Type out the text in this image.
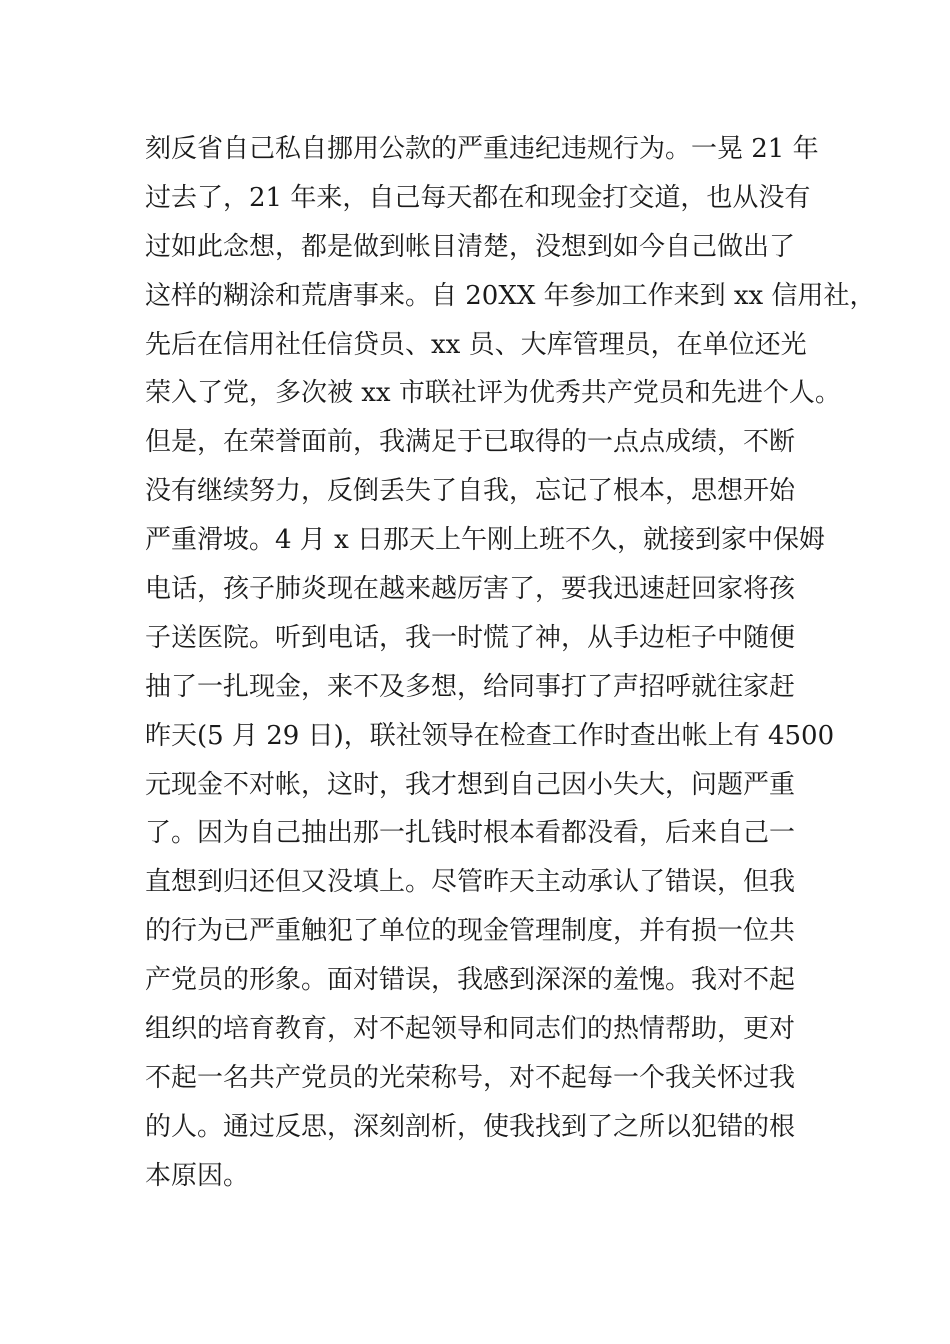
刻反省自己私自挪用公款的严重违纪违规行为。一晃 21 年
过去了，21 年来，自己每天都在和现金打交道，也从没有
过如此念想，都是做到帐目清楚，没想到如今自己做出了
这样的糊涂和荒唐事来。自 20XX 年参加工作来到 xx 信用社，
先后在信用社任信贷员、xx 员、大库管理员，在单位还光
荣入了党，多次被 xx 市联社评为优秀共产党员和先进个人。
但是，在荣誉面前，我满足于已取得的一点点成绩，不断
没有继续努力，反倒丢失了自我，忘记了根本，思想开始
严重滑坡。4 月 x 日那天上午刚上班不久，就接到家中保姆
电话，孩子肺炎现在越来越厉害了，要我迅速赶回家将孩
子送医院。听到电话，我一时慌了神，从手边柜子中随便
抽了一扎现金，来不及多想，给同事打了声招呼就往家赶
昨天(5 月 29 日)，联社领导在检查工作时查出帐上有 4500
元现金不对帐，这时，我才想到自己因小失大，问题严重
了。因为自己抽出那一扎钱时根本看都没看，后来自己一
直想到归还但又没填上。尽管昨天主动承认了错误，但我
的行为已严重触犯了单位的现金管理制度，并有损一位共
产党员的形象。面对错误，我感到深深的羞愧。我对不起
组织的培育教育，对不起领导和同志们的热情帮助，更对
不起一名共产党员的光荣称号，对不起每一个我关怀过我
的人。通过反思，深刻剖析，使我找到了之所以犯错的根
本原因。
